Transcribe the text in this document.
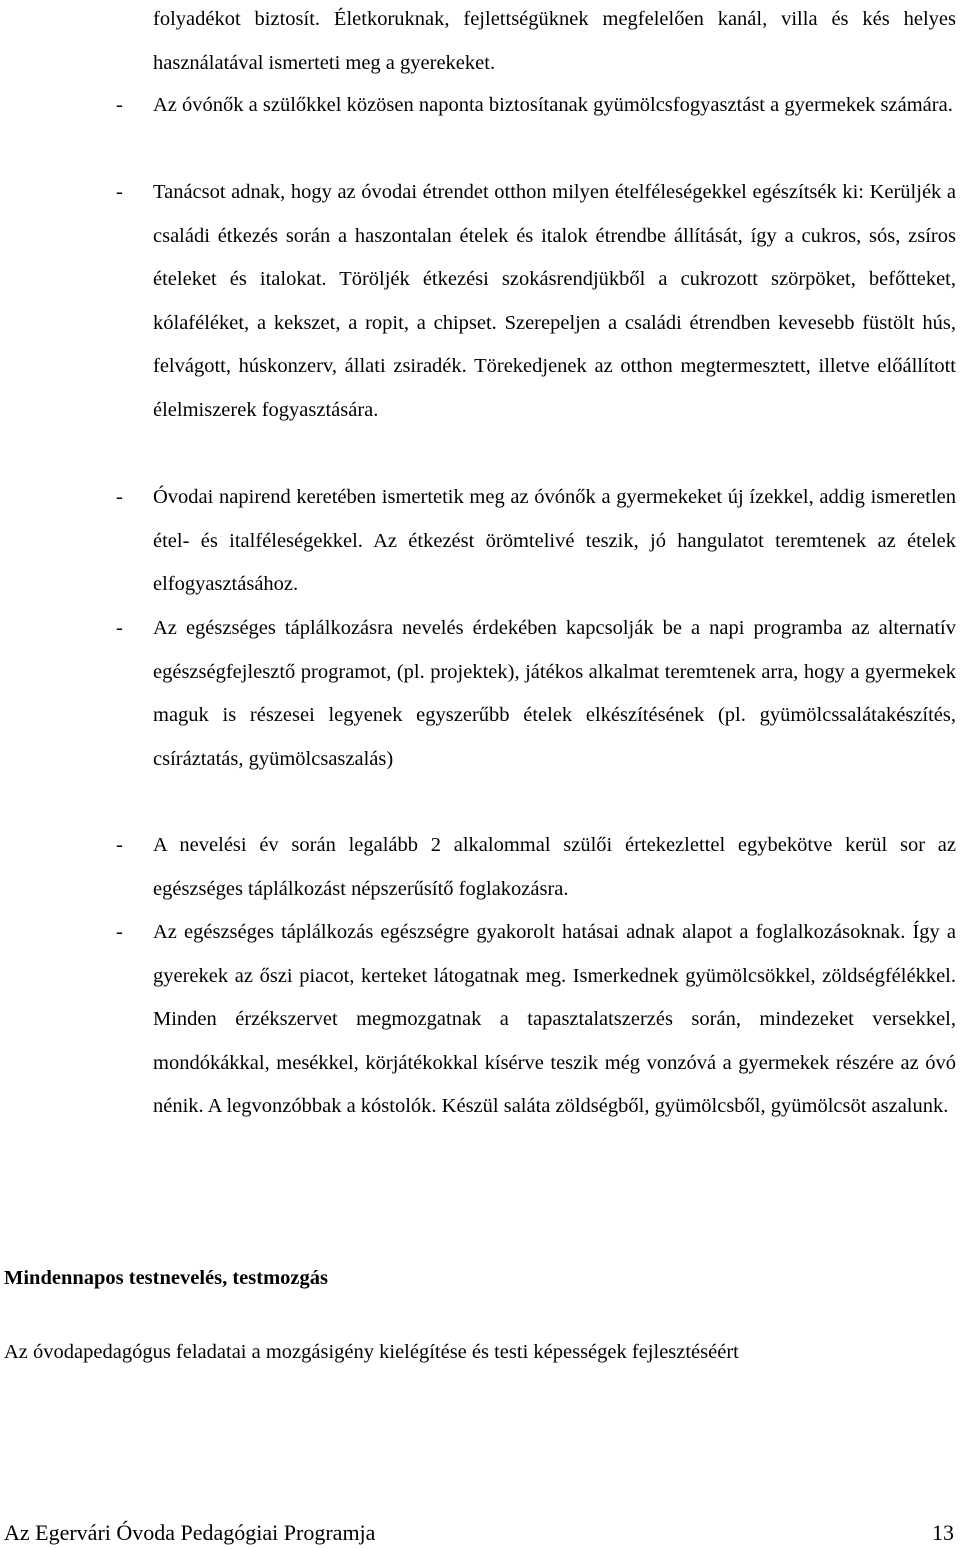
folyadékot biztosít. Életkoruknak, fejlettségüknek megfelelően kanál, villa és kés helyes használatával ismerteti meg a gyerekeket.

- Az óvónők a szülőkkel közösen naponta biztosítanak gyümölcsfogyasztást a gyermekek számára.
- Tanácsot adnak, hogy az óvodai étrendet otthon milyen ételféleségekkel egészítsék ki: Kerüljék a családi étkezés során a haszontalan ételek és italok étrendbe állítását, így a cukros, sós, zsíros ételeket és italokat. Töröljék étkezési szokásrendjükből a cukrozott szörpöket, befőtteket, kólaféléket, a kekszet, a ropit, a chipset. Szerepeljen a családi étrendben kevesebb füstölt hús, felvágott, húskonzerv, állati zsiradék. Törekedjenek az otthon megtermesztett, illetve előállított élelmiszerek fogyasztására.
- Óvodai napirend keretében ismertetik meg az óvónők a gyermekeket új ízekkel, addig ismeretlen étel- és italféleségekkel. Az étkezést örömtelivé teszik, jó hangulatot teremtenek az ételek elfogyasztásához.
- Az egészséges táplálkozásra nevelés érdekében kapcsolják be a napi programba az alternatív egészségfejlesztő programot, (pl. projektek), játékos alkalmat teremtenek arra, hogy a gyermekek maguk is részesei legyenek egyszerűbb ételek elkészítésének (pl. gyümölcssalátakészítés, csíráztatás, gyümölcsaszalás)
- A nevelési év során legalább 2 alkalommal szülői értekezlettel egybekötve kerül sor az egészséges táplálkozást népszerűsítő foglakozásra.
- Az egészséges táplálkozás egészségre gyakorolt hatásai adnak alapot a foglalkozásoknak. Így a gyerekek az őszi piacot, kerteket látogatnak meg. Ismerkednek gyümölcsökkel, zöldségfélékkel. Minden érzékszervet megmozgatnak a tapasztalatszerzés során, mindezeket versekkel, mondókákkal, mesékkel, körjátékokkal kísérve teszik még vonzóvá a gyermekek részére az óvó nénik. A legvonzóbbak a kóstolók. Készül saláta zöldségből, gyümölcsből, gyümölcsöt aszalunk.

Mindennapos testnevelés, testmozgás

Az óvodapedagógus feladatai a mozgásigény kielégítése és testi képességek fejlesztéséért

Az Egervári Óvoda Pedagógiai Programja	13
